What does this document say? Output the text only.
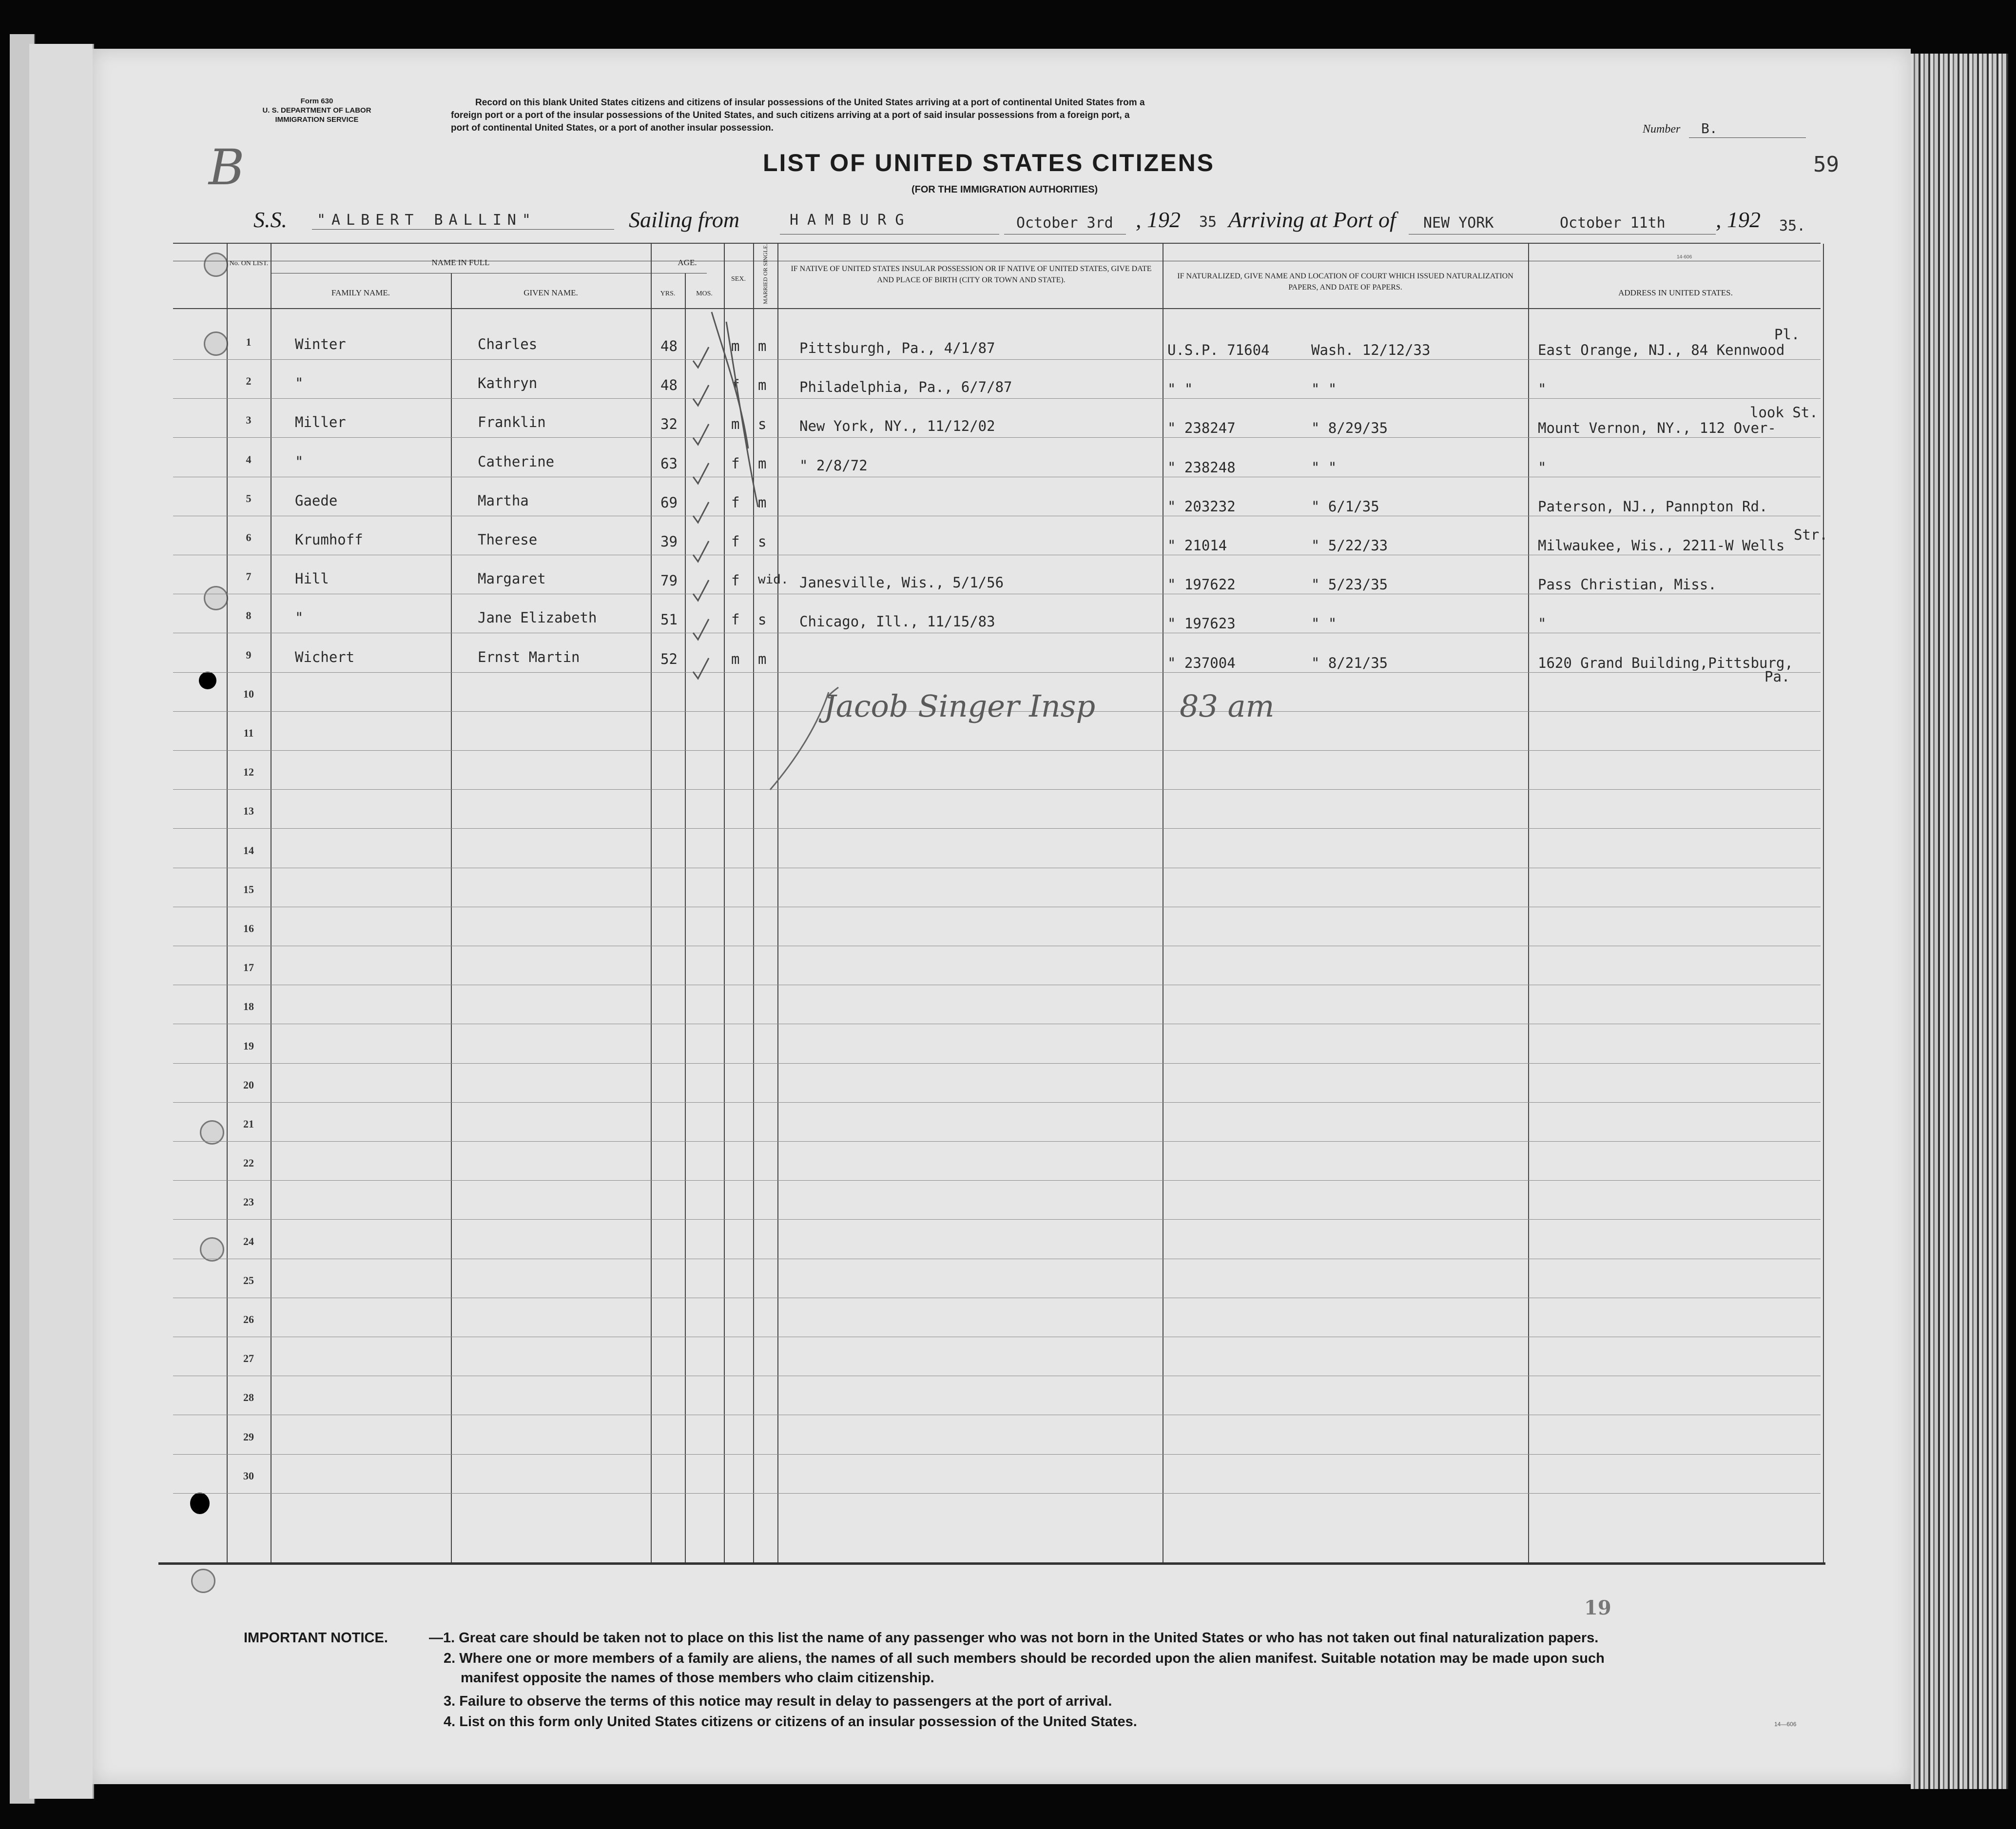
B
Form 630
U. S. DEPARTMENT OF LABOR
IMMIGRATION SERVICE
Record on this blank United States citizens and citizens of insular possessions of the United States arriving at a port of continental United States from a
foreign port or a port of the insular possessions of the United States, and such citizens arriving at a port of said insular possessions from a foreign port, a
port of continental United States, or a port of another insular possession.	Number B.
LIST OF UNITED STATES CITIZENS
(FOR THE IMMIGRATION AUTHORITIES)
59
S.S. "ALBERT BALLIN"	Sailing from	HAMBURG	October 3rd , 192 35 Arriving at Port of NEW YORK	October 11th , 192 35.
14-606
No. ON LIST.	NAME IN FULL
FAMILY NAME.	GIVEN NAME.
AGE.
YRS.	MOS.
SEX.	MARRIED OR SINGLE.	IF NATIVE OF UNITED STATES INSULAR POSSESSION OR IF NATIVE OF UNITED STATES, GIVE DATE AND PLACE OF BIRTH (CITY OR TOWN AND STATE).	IF NATURALIZED, GIVE NAME AND LOCATION OF COURT WHICH ISSUED NATURALIZATION PAPERS, AND DATE OF PAPERS.
ADDRESS IN UNITED STATES.
1	Winter	Charles	48	m m Pittsburgh, Pa., 4/1/87	U.S.P. 71604	Wash. 12/12/33	East Orange, NJ., 84 Kennwood
Pl.
2	"	Kathryn	48	f m Philadelphia, Pa., 6/7/87	" "	" "	"
3	Miller	Franklin	32	m s New York, NY., 11/12/02	" 238247	" 8/29/35	Mount Vernon, NY., 112 Over-
look St.
4	"	Catherine	63	f m " 2/8/72	" 238248	" "	"
5	Gaede	Martha	69	f m	" 203232	" 6/1/35	Paterson, NJ., Pannpton Rd.
6	Krumhoff	Therese	39	f s	" 21014	" 5/22/33	Milwaukee, Wis., 2211-W Wells
Str.
7	Hill	Margaret	79	f wid. Janesville, Wis., 5/1/56	" 197622	" 5/23/35	Pass Christian, Miss.
8	"	Jane Elizabeth	51	f s Chicago, Ill., 11/15/83	" 197623	" "	"
9	Wichert	Ernst Martin	52	m m	" 237004	" 8/21/35	1620 Grand Building,Pittsburg,
Pa.
10
11
12
13
14
15
16
17
18
19
20
21
22
23
24
25
26
27
28
29
30
Jacob Singer Insp	83 am
19
IMPORTANT NOTICE.	—1. Great care should be taken not to place on this list the name of any passenger who was not born in the United States or who has not taken out final naturalization papers.
2. Where one or more members of a family are aliens, the names of all such members should be recorded upon the alien manifest. Suitable notation may be made upon such
manifest opposite the names of those members who claim citizenship.
3. Failure to observe the terms of this notice may result in delay to passengers at the port of arrival.
4. List on this form only United States citizens or citizens of an insular possession of the United States.	14—606
